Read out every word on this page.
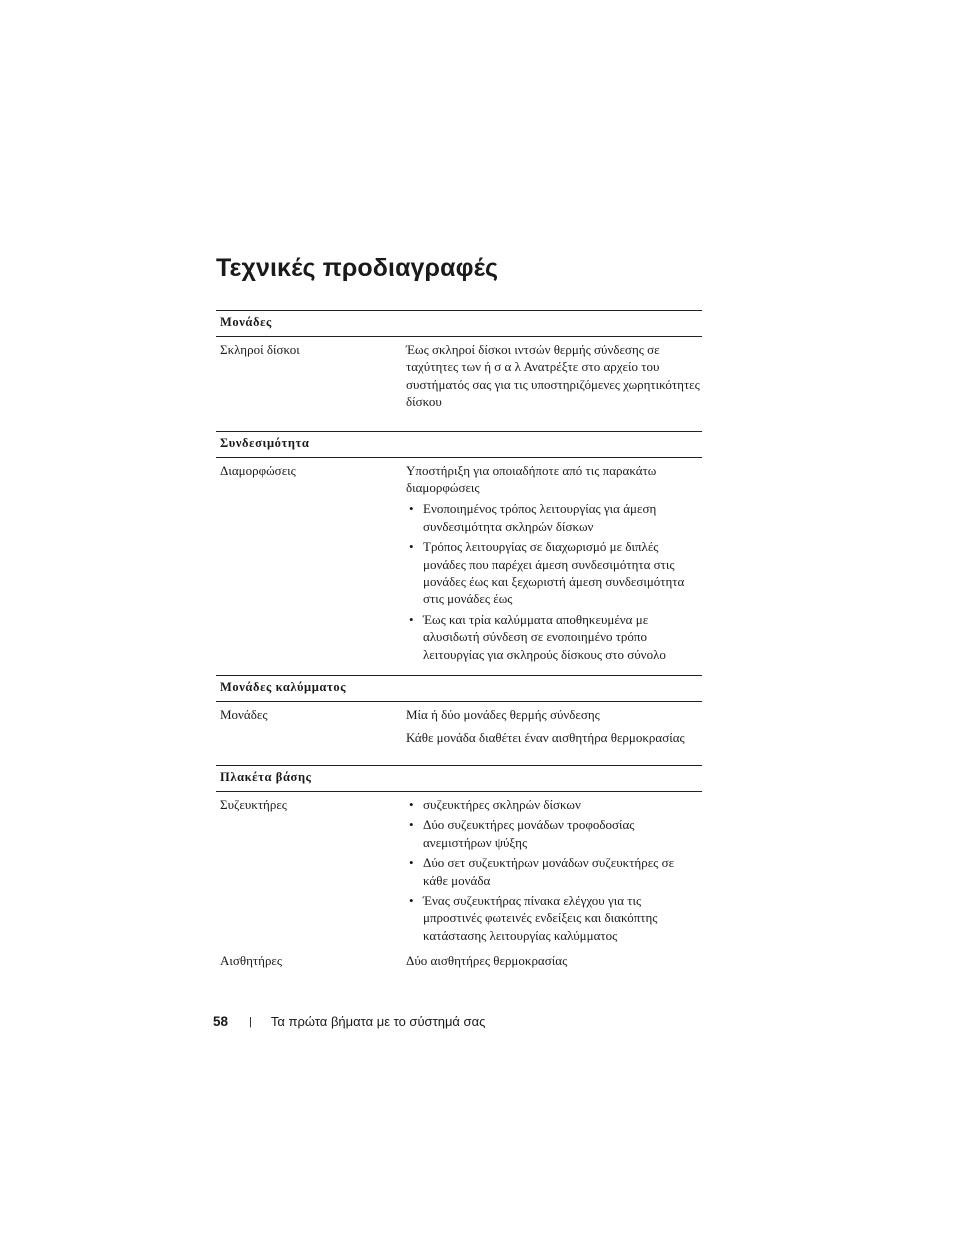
Τεχνικές προδιαγραφές
Μονάδες
Σκληροί δίσκοι	Έως σκληροί δίσκοι ιντσών θερμής σύνδεσης σε ταχύτητες των ή σ α λ Ανατρέξτε στο αρχείο του συστήματός σας για τις υποστηριζόμενες χωρητικότητες δίσκου

Συνδεσιμότητα
Διαμορφώσεις	Υποστήριξη για οποιαδήποτε από τις παρακάτω διαμορφώσεις

• Ενοποιημένος τρόπος λειτουργίας για άμεση συνδεσιμότητα σκληρών δίσκων
• Τρόπος λειτουργίας σε διαχωρισμό με διπλές μονάδες που παρέχει άμεση συνδεσιμότητα στις μονάδες έως και ξεχωριστή άμεση συνδεσιμότητα στις μονάδες έως
• Έως και τρία καλύμματα αποθηκευμένα με αλυσιδωτή σύνδεση σε ενοποιημένο τρόπο λειτουργίας για σκληρούς δίσκους στο σύνολο
Μονάδες καλύμματος
Μονάδες	Μία ή δύο μονάδες θερμής σύνδεσης

Κάθε μονάδα διαθέτει έναν αισθητήρα θερμοκρασίας

Πλακέτα βάσης
Συζευκτήρες	• συζευκτήρες σκληρών δίσκων
• Δύο συζευκτήρες μονάδων τροφοδοσίας ανεμιστήρων ψύξης
• Δύο σετ συζευκτήρων μονάδων συζευκτήρες σε κάθε μονάδα
• Ένας συζευκτήρας πίνακα ελέγχου για τις μπροστινές φωτεινές ενδείξεις και διακόπτης κατάστασης λειτουργίας καλύμματος
Αισθητήρες	Δύο αισθητήρες θερμοκρασίας

58 | Τα πρώτα βήματα με το σύστημά σας
